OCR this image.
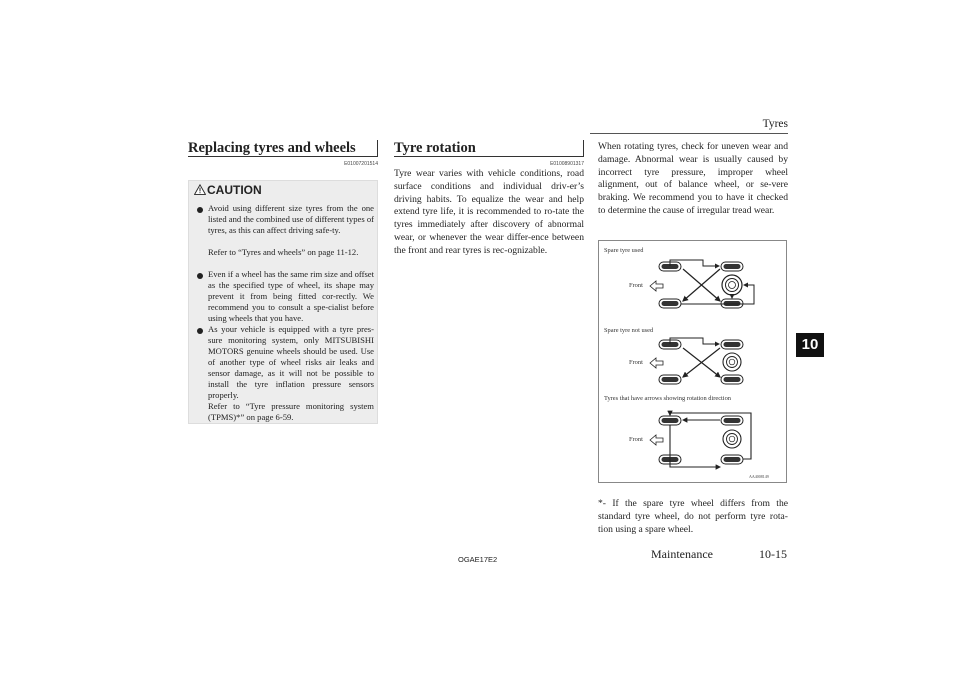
Tyres
10
Replacing tyres and wheels
E01007201514
CAUTION
Avoid using different size tyres from the one listed and the combined use of different types of tyres, as this can affect driving safe-ty.
Refer to “Tyres and wheels” on page 11-12.
Even if a wheel has the same rim size and offset as the specified type of wheel, its shape may prevent it from being fitted cor-rectly. We recommend you to consult a spe-cialist before using wheels that you have.
As your vehicle is equipped with a tyre pres-sure monitoring system, only MITSUBISHI MOTORS genuine wheels should be used. Use of another type of wheel risks air leaks and sensor damage, as it will not be possible to install the tyre inflation pressure sensors properly.
Refer to “Tyre pressure monitoring system (TPMS)*” on page 6-59.
Tyre rotation
E01008901317
Tyre wear varies with vehicle conditions, road surface conditions and individual driv-er’s driving habits. To equalize the wear and help extend tyre life, it is recommended to ro-tate the tyres immediately after discovery of abnormal wear, or whenever the wear differ-ence between the front and rear tyres is rec-ognizable.
When rotating tyres, check for uneven wear and damage. Abnormal wear is usually caused by incorrect tyre pressure, improper wheel alignment, out of balance wheel, or se-vere braking. We recommend you to have it checked to determine the cause of irregular tread wear.
Spare tyre used
Spare tyre not used
Tyres that have arrows showing rotation direction
Front
Front
Front
AA4008149
*- If the spare tyre wheel differs from the standard tyre wheel, do not perform tyre rota-tion using a spare wheel.
OGAE17E2	Maintenance	10-15
